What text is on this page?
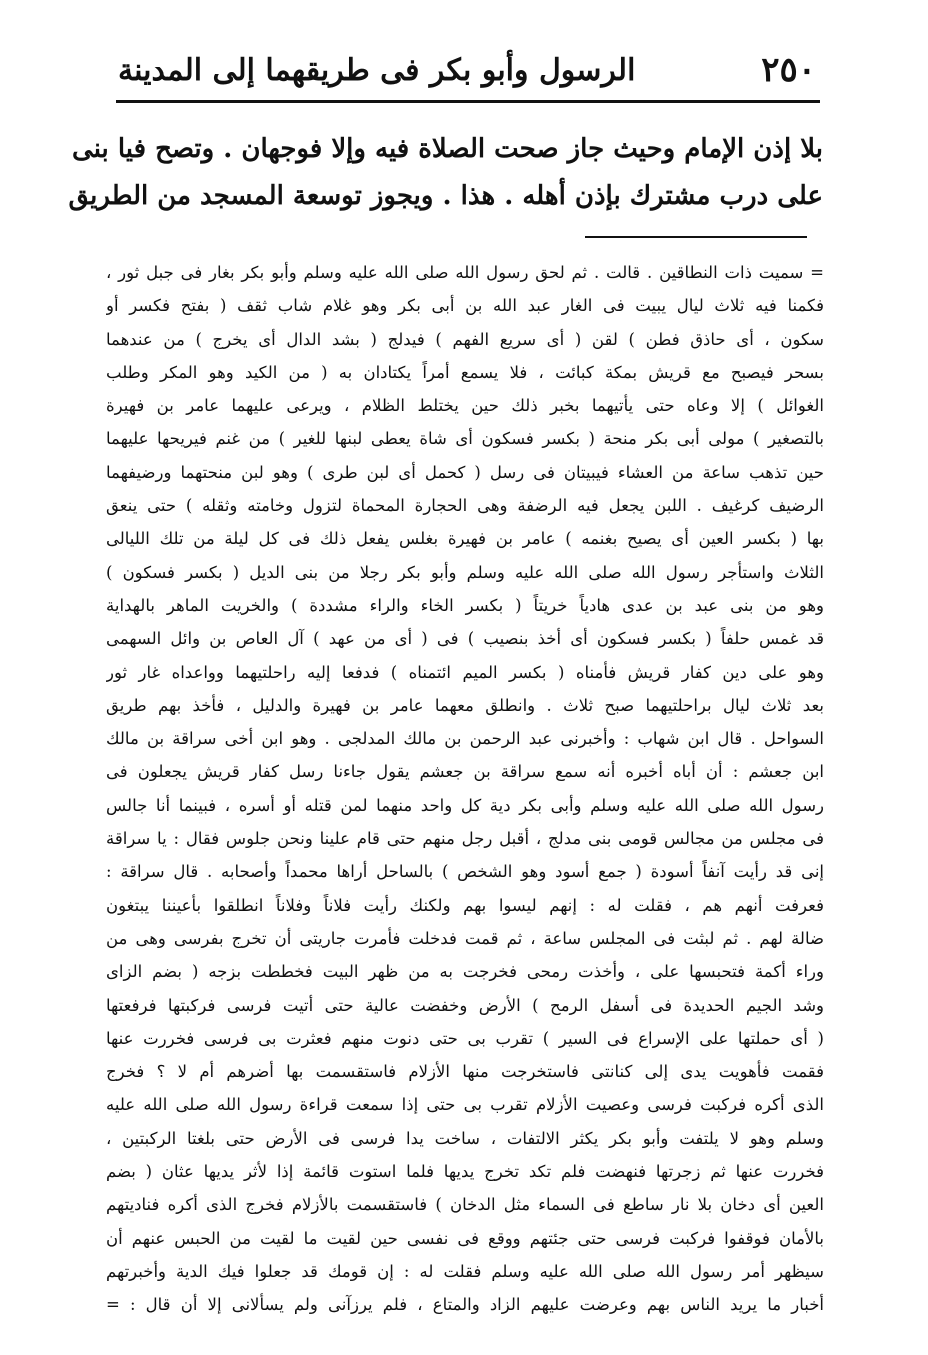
٢٥٠
الرسول وأبو بكر فى طريقهما إلى المدينة
بلا إذن الإمام وحيث جاز صحت الصلاة فيه وإلا فوجهان . وتصح فيا بنى
على درب مشترك بإذن أهله . هذا . ويجوز توسعة المسجد من الطريق
= سميت ذات النطاقين . قالت . ثم لحق رسول الله صلى الله عليه وسلم وأبو بكر بغار فى جبل ثور ،
فكمنا فيه ثلاث ليال يبيت فى الغار عبد الله بن أبى بكر وهو غلام شاب ثقف ( بفتح فكسر أو
سكون ، أى حاذق فطن ) لقن ( أى سريع الفهم ) فيدلج ( بشد الدال أى يخرج ) من عندهما
بسحر فيصبح مع قريش بمكة كبائت ، فلا يسمع أمراً يكتادان به ( من الكيد وهو المكر وطلب
الغوائل ) إلا وعاه حتى يأتيهما بخبر ذلك حين يختلط الظلام ، ويرعى عليهما عامر بن فهيرة
بالتصغير ) مولى أبى بكر منحة ( بكسر فسكون أى شاة يعطى لبنها للغير ) من غنم فيريحها عليهما
حين تذهب ساعة من العشاء فيبيتان فى رسل ( كحمل أى لبن طرى ) وهو لبن منحتهما ورضيفهما
الرضيف كرغيف . اللبن يجعل فيه الرضفة وهى الحجارة المحماة لتزول وخامته وثقله ) حتى ينعق
بها ( بكسر العين أى يصيح بغنمه ) عامر بن فهيرة بغلس يفعل ذلك فى كل ليلة من تلك الليالى
الثلاث واستأجر رسول الله صلى الله عليه وسلم وأبو بكر رجلا من بنى الديل ( بكسر فسكون )
وهو من بنى عبد بن عدى هادياً خريتاً ( بكسر الخاء والراء مشددة ) والخريت الماهر بالهداية
قد غمس حلفاً ( بكسر فسكون أى أخذ بنصيب ) فى ( أى من عهد ) آل العاص بن وائل السهمى
وهو على دين كفار قريش فأمناه ( بكسر الميم ائتمناه ) فدفعا إليه راحلتيهما وواعداه غار ثور
بعد ثلاث ليال براحلتيهما صبح ثلاث . وانطلق معهما عامر بن فهيرة والدليل ، فأخذ بهم طريق
السواحل . قال ابن شهاب : وأخبرنى عبد الرحمن بن مالك المدلجى . وهو ابن أخى سراقة بن مالك
ابن جعشم : أن أباه أخبره أنه سمع سراقة بن جعشم يقول جاءنا رسل كفار قريش يجعلون فى
رسول الله صلى الله عليه وسلم وأبى بكر دية كل واحد منهما لمن قتله أو أسره ، فبينما أنا جالس
فى مجلس من مجالس قومى بنى مدلج ، أقبل رجل منهم حتى قام علينا ونحن جلوس فقال : يا سراقة
إنى قد رأيت آنفاً أسودة ( جمع أسود وهو الشخص ) بالساحل أراها محمداً وأصحابه . قال سراقة :
فعرفت أنهم هم ، فقلت له : إنهم ليسوا بهم ولكنك رأيت فلاناً وفلاناً انطلقوا بأعيننا يبتغون
ضالة لهم . ثم لبثت فى المجلس ساعة ، ثم قمت فدخلت فأمرت جاريتى أن تخرج بفرسى وهى من
وراء أكمة فتحبسها على ، وأخذت رمحى فخرجت به من ظهر البيت فخططت بزجه ( بضم الزاى
وشد الجيم الحديدة فى أسفل الرمح ) الأرض وخفضت عالية حتى أتيت فرسى فركبتها فرفعتها
( أى حملتها على الإسراع فى السير ) تقرب بى حتى دنوت منهم فعثرت بى فرسى فخررت عنها
فقمت فأهويت يدى إلى كنانتى فاستخرجت منها الأزلام فاستقسمت بها أضرهم أم لا ؟ فخرج
الذى أكره فركبت فرسى وعصيت الأزلام تقرب بى حتى إذا سمعت قراءة رسول الله صلى الله عليه
وسلم وهو لا يلتفت وأبو بكر يكثر الالتفات ، ساخت يدا فرسى فى الأرض حتى بلغتا الركبتين ،
فخررت عنها ثم زجرتها فنهضت فلم تكد تخرج يديها فلما استوت قائمة إذا لأثر يديها عثان ( بضم
العين أى دخان بلا نار ساطع فى السماء مثل الدخان ) فاستقسمت بالأزلام فخرج الذى أكره فناديتهم
بالأمان فوقفوا فركبت فرسى حتى جئتهم ووقع فى نفسى حين لقيت ما لقيت من الحبس عنهم أن
سيظهر أمر رسول الله صلى الله عليه وسلم فقلت له : إن قومك قد جعلوا فيك الدية وأخبرتهم
أخبار ما يريد الناس بهم وعرضت عليهم الزاد والمتاع ، فلم يرزآنى ولم يسألانى إلا أن قال : =
